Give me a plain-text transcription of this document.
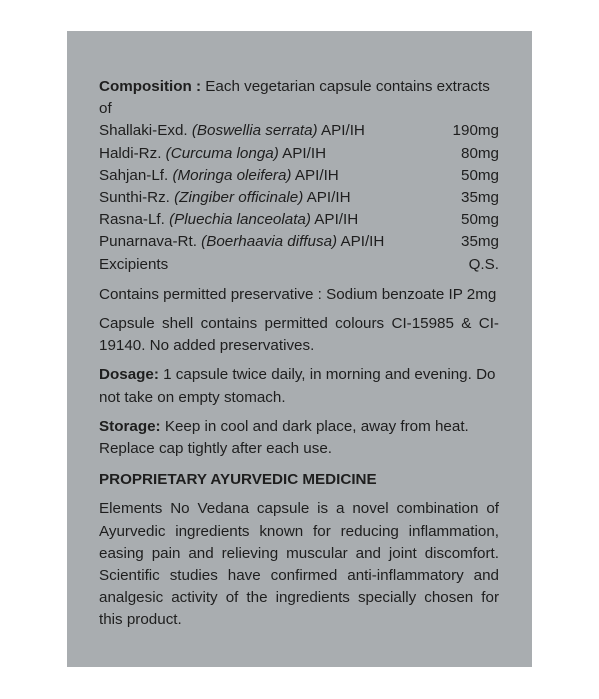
Composition : Each vegetarian capsule contains extracts of

Shallaki-Exd. (Boswellia serrata) API/IH	190mg
Haldi-Rz. (Curcuma longa) API/IH	80mg
Sahjan-Lf. (Moringa oleifera) API/IH	50mg
Sunthi-Rz. (Zingiber officinale) API/IH	35mg
Rasna-Lf. (Pluechia lanceolata) API/IH	50mg
Punarnava-Rt. (Boerhaavia diffusa) API/IH	35mg
Excipients	Q.S.

Contains permitted preservative : Sodium benzoate IP 2mg

Capsule shell contains permitted colours CI-15985 & CI-19140. No added preservatives.

Dosage: 1 capsule twice daily, in morning and evening. Do not take on empty stomach.

Storage: Keep in cool and dark place, away from heat. Replace cap tightly after each use.

PROPRIETARY AYURVEDIC MEDICINE

Elements No Vedana capsule is a novel combination of Ayurvedic ingredients known for reducing inflammation, easing pain and relieving muscular and joint discomfort. Scientific studies have confirmed anti-inflammatory and analgesic activity of the ingredients specially chosen for this product.
